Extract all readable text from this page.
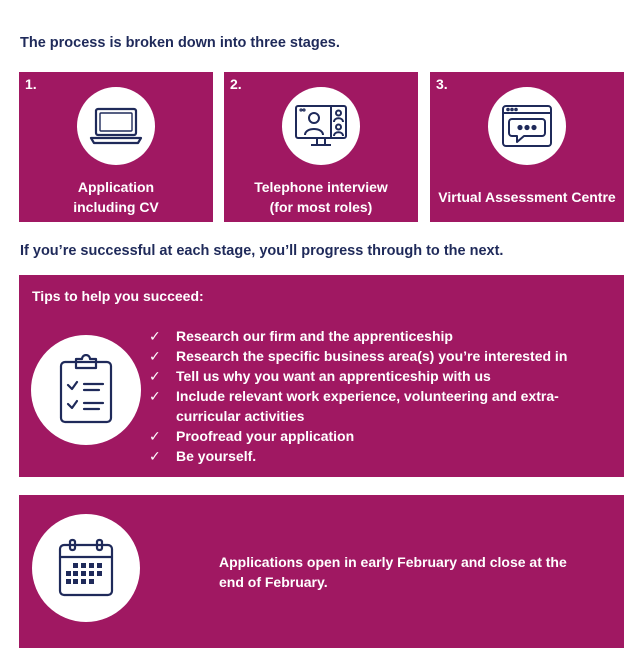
The process is broken down into three stages.
1.
Application
including CV
2.
Telephone interview
(for most roles)
3.
Virtual Assessment Centre
If you’re successful at each stage, you’ll progress through to the next.
Tips to help you succeed:
✓ Research our firm and the apprenticeship
✓ Research the specific business area(s) you’re interested in
✓ Tell us why you want an apprenticeship with us
✓ Include relevant work experience, volunteering and extra-curricular activities
✓ Proofread your application
✓ Be yourself.
Applications open in early February and close at the end of February.
